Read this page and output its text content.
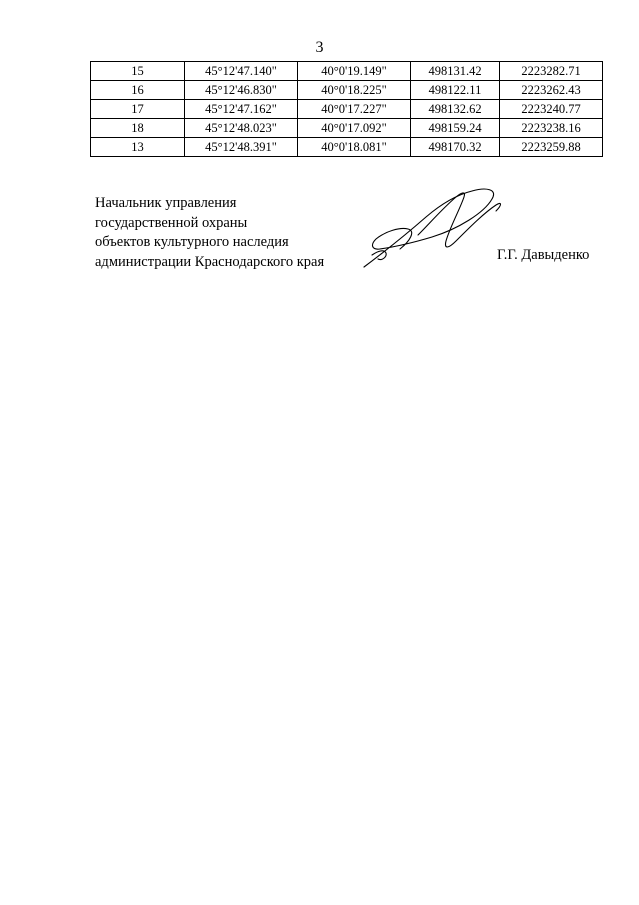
3
15	45°12'47.140"	40°0'19.149"	498131.42	2223282.71
16	45°12'46.830"	40°0'18.225"	498122.11	2223262.43
17	45°12'47.162"	40°0'17.227"	498132.62	2223240.77
18	45°12'48.023"	40°0'17.092"	498159.24	2223238.16
13	45°12'48.391"	40°0'18.081"	498170.32	2223259.88
Начальник управления
государственной охраны
объектов культурного наследия
администрации Краснодарского края	Г.Г. Давыденко
